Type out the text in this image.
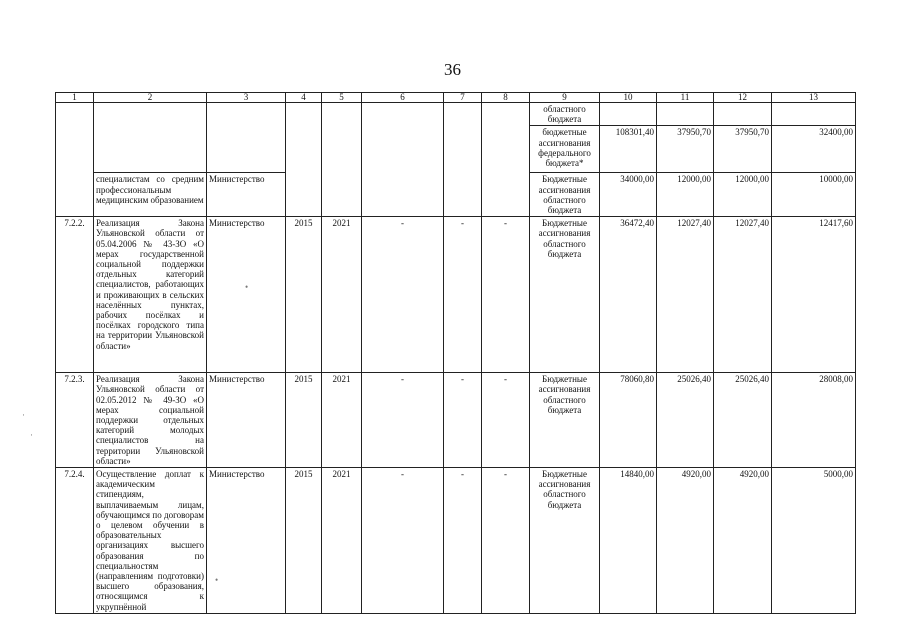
36
1	2	3	4	5	6	7	8	9	10	11	12	13
								областного бюджета				
								бюджетные ассигнования федерального бюджета*	108301,40	37950,70	37950,70	32400,00
	специалистам со средним профессиональным медицинским образованием	Министерство						Бюджетные ассигнования областного бюджета	34000,00	12000,00	12000,00	10000,00
7.2.2.	Реализация Закона Ульяновской области от 05.04.2006 № 43-ЗО «О мерах государственной социальной поддержки отдельных категорий специалистов, работающих и проживающих в сельских населённых пунктах, рабочих посёлках и посёлках городского типа на территории Ульяновской области»	Министерство	2015	2021	-	-	-	Бюджетные ассигнования областного бюджета	36472,40	12027,40	12027,40	12417,60
7.2.3.	Реализация Закона Ульяновской области от 02.05.2012 № 49-ЗО «О мерах социальной поддержки отдельных категорий молодых специалистов на территории Ульяновской области»	Министерство	2015	2021	-	-	-	Бюджетные ассигнования областного бюджета	78060,80	25026,40	25026,40	28008,00
7.2.4.	Осуществление доплат к академическим стипендиям, выплачиваемым лицам, обучающимся по договорам о целевом обучении в образовательных организациях высшего образования по специальностям (направлениям подготовки) высшего образования, относящимся к укрупнённой	Министерство	2015	2021	-	-	-	Бюджетные ассигнования областного бюджета	14840,00	4920,00	4920,00	5000,00
•
•
·
·
